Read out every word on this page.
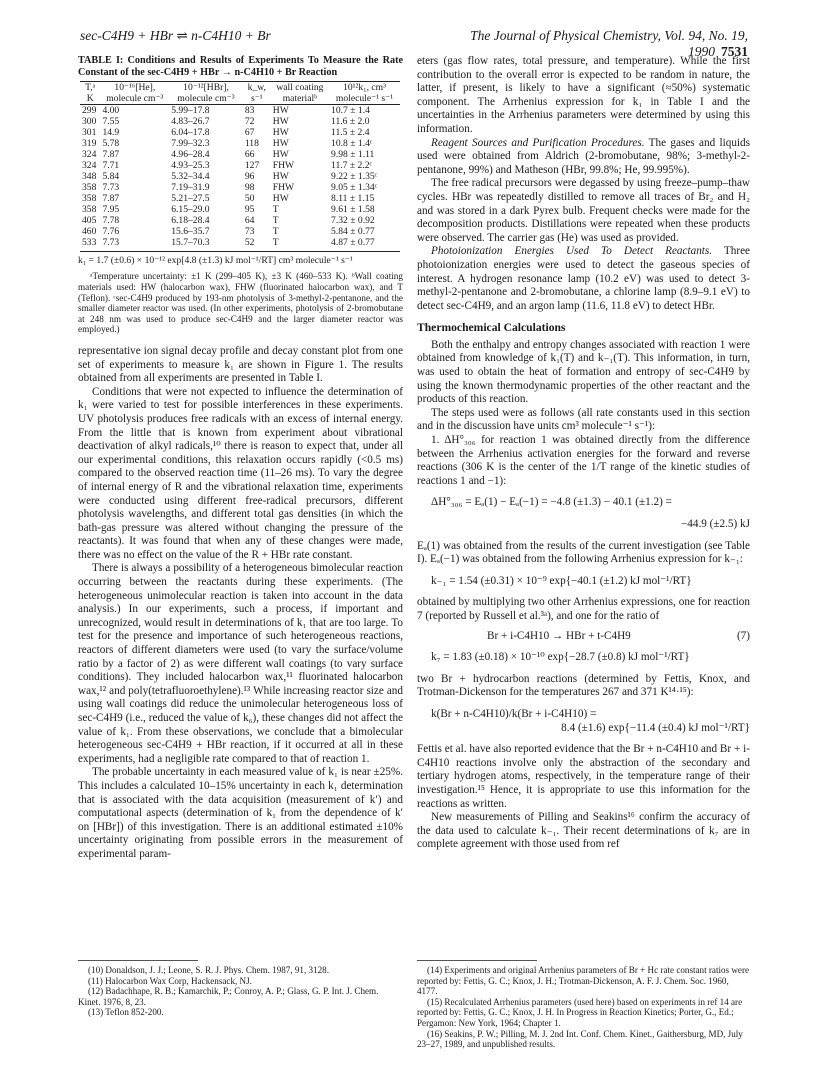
sec-C4H9 + HBr ⇌ n-C4H10 + Br	The Journal of Physical Chemistry, Vol. 94, No. 19, 1990 7531
TABLE I: Conditions and Results of Experiments To Measure the Rate Constant of the sec-C4H9 + HBr → n-C4H10 + Br Reaction
T,ᵃ K	10⁻¹⁶[He], molecule cm⁻³	10⁻¹²[HBr], molecule cm⁻³	k_w, s⁻¹	wall coating materialᵇ	10¹²k₁, cm³ molecule⁻¹ s⁻¹
299	4.00	5.99–17.8	83	HW	10.7 ± 1.4
300	7.55	4.83–26.7	72	HW	11.6 ± 2.0
301	14.9	6.04–17.8	67	HW	11.5 ± 2.4
319	5.78	7.99–32.3	118	HW	10.8 ± 1.4ᶜ
324	7.87	4.96–28.4	66	HW	9.98 ± 1.11
324	7.71	4.93–25.3	127	FHW	11.7 ± 2.2ᶜ
348	5.84	5.32–34.4	96	HW	9.22 ± 1.35ᶜ
358	7.73	7.19–31.9	98	FHW	9.05 ± 1.34ᶜ
358	7.87	5.21–27.5	50	HW	8.11 ± 1.15
358	7.95	6.15–29.0	95	T	9.61 ± 1.58
405	7.78	6.18–28.4	64	T	7.32 ± 0.92
460	7.76	15.6–35.7	73	T	5.84 ± 0.77
533	7.73	15.7–70.3	52	T	4.87 ± 0.77
k₁ = 1.7 (±0.6) × 10⁻¹² exp[4.8 (±1.3) kJ mol⁻¹/RT] cm³ molecule⁻¹ s⁻¹

ᵃTemperature uncertainty: ±1 K (299–405 K), ±3 K (460–533 K). ᵇWall coating materials used: HW (halocarbon wax), FHW (fluorinated halocarbon wax), and T (Teflon). ᶜsec-C4H9 produced by 193-nm photolysis of 3-methyl-2-pentanone, and the smaller diameter reactor was used. (In other experiments, photolysis of 2-bromobutane at 248 nm was used to produce sec-C4H9 and the larger diameter reactor was employed.)

representative ion signal decay profile and decay constant plot from one set of experiments to measure k₁ are shown in Figure 1. The results obtained from all experiments are presented in Table I.

Conditions that were not expected to influence the determination of k₁ were varied to test for possible interferences in these experiments. UV photolysis produces free radicals with an excess of internal energy. From the little that is known from experiment about vibrational deactivation of alkyl radicals,¹⁰ there is reason to expect that, under all our experimental conditions, this relaxation occurs rapidly (<0.5 ms) compared to the observed reaction time (11–26 ms). To vary the degree of internal energy of R and the vibrational relaxation time, experiments were conducted using different free-radical precursors, different photolysis wavelengths, and different total gas densities (in which the bath-gas pressure was altered without changing the pressure of the reactants). It was found that when any of these changes were made, there was no effect on the value of the R + HBr rate constant.

There is always a possibility of a heterogeneous bimolecular reaction occurring between the reactants during these experiments. (The heterogeneous unimolecular reaction is taken into account in the data analysis.) In our experiments, such a process, if important and unrecognized, would result in determinations of k₁ that are too large. To test for the presence and importance of such heterogeneous reactions, reactors of different diameters were used (to vary the surface/volume ratio by a factor of 2) as were different wall coatings (to vary surface conditions). They included halocarbon wax,¹¹ fluorinated halocarbon wax,¹² and poly(tetrafluoroethylene).¹³ While increasing reactor size and using wall coatings did reduce the unimolecular heterogeneous loss of sec-C4H9 (i.e., reduced the value of k₆), these changes did not affect the value of k₁. From these observations, we conclude that a bimolecular heterogeneous sec-C4H9 + HBr reaction, if it occurred at all in these experiments, had a negligible rate compared to that of reaction 1.

The probable uncertainty in each measured value of k₁ is near ±25%. This includes a calculated 10–15% uncertainty in each k₁ determination that is associated with the data acquisition (measurement of k′) and computational aspects (determination of k₁ from the dependence of k′ on [HBr]) of this investigation. There is an additional estimated ±10% uncertainty originating from possible errors in the measurement of experimental param-

(10) Donaldson, J. J.; Leone, S. R. J. Phys. Chem. 1987, 91, 3128.
(11) Halocarbon Wax Corp, Hackensack, NJ.
(12) Badachhape, R. B.; Kamarchik, P.; Conroy, A. P.; Glass, G. P. Int. J. Chem. Kinet. 1976, 8, 23.
(13) Teflon 852-200.

eters (gas flow rates, total pressure, and temperature). While the first contribution to the overall error is expected to be random in nature, the latter, if present, is likely to have a significant (≈50%) systematic component. The Arrhenius expression for k₁ in Table I and the uncertainties in the Arrhenius parameters were determined by using this information.

Reagent Sources and Purification Procedures. The gases and liquids used were obtained from Aldrich (2-bromobutane, 98%; 3-methyl-2-pentanone, 99%) and Matheson (HBr, 99.8%; He, 99.995%).

The free radical precursors were degassed by using freeze–pump–thaw cycles. HBr was repeatedly distilled to remove all traces of Br₂ and H₂ and was stored in a dark Pyrex bulb. Frequent checks were made for the decomposition products. Distillations were repeated when these products were observed. The carrier gas (He) was used as provided.

Photoionization Energies Used To Detect Reactants. Three photoionization energies were used to detect the gaseous species of interest. A hydrogen resonance lamp (10.2 eV) was used to detect 3-methyl-2-pentanone and 2-bromobutane, a chlorine lamp (8.9–9.1 eV) to detect sec-C4H9, and an argon lamp (11.6, 11.8 eV) to detect HBr.

Thermochemical Calculations

Both the enthalpy and entropy changes associated with reaction 1 were obtained from knowledge of k₁(T) and k₋₁(T). This information, in turn, was used to obtain the heat of formation and entropy of sec-C4H9 by using the known thermodynamic properties of the other reactant and the products of this reaction.

The steps used were as follows (all rate constants used in this section and in the discussion have units cm³ molecule⁻¹ s⁻¹):

1. ΔH°₃₀₆ for reaction 1 was obtained directly from the difference between the Arrhenius activation energies for the forward and reverse reactions (306 K is the center of the 1/T range of the kinetic studies of reactions 1 and −1):

ΔH°₃₀₆ = Eₐ(1) − Eₐ(−1) = −4.8 (±1.3) − 40.1 (±1.2) =
−44.9 (±2.5) kJ

Eₐ(1) was obtained from the results of the current investigation (see Table I). Eₐ(−1) was obtained from the following Arrhenius expression for k₋₁:

k₋₁ = 1.54 (±0.31) × 10⁻⁹ exp{−40.1 (±1.2) kJ mol⁻¹/RT}

obtained by multiplying two other Arrhenius expressions, one for reaction 7 (reported by Russell et al.³ᵃ), and one for the ratio of

Br + i-C4H10 → HBr + t-C4H9	(7)
k₇ = 1.83 (±0.18) × 10⁻¹⁰ exp{−28.7 (±0.8) kJ mol⁻¹/RT}

two Br + hydrocarbon reactions (determined by Fettis, Knox, and Trotman-Dickenson for the temperatures 267 and 371 K¹⁴·¹⁵):

k(Br + n-C4H10)/k(Br + i-C4H10) =
8.4 (±1.6) exp{−11.4 (±0.4) kJ mol⁻¹/RT}

Fettis et al. have also reported evidence that the Br + n-C4H10 and Br + i-C4H10 reactions involve only the abstraction of the secondary and tertiary hydrogen atoms, respectively, in the temperature range of their investigation.¹⁵ Hence, it is appropriate to use this information for the reactions as written.

New measurements of Pilling and Seakins¹⁶ confirm the accuracy of the data used to calculate k₋₁. Their recent determinations of k₇ are in complete agreement with those used from ref

(14) Experiments and original Arrhenius parameters of Br + Hc rate constant ratios were reported by: Fettis, G. C.; Knox, J. H.; Trotman-Dickenson, A. F. J. Chem. Soc. 1960, 4177.
(15) Recalculated Arrhenius parameters (used here) based on experiments in ref 14 are reported by: Fettis, G. C.; Knox, J. H. In Progress in Reaction Kinetics; Porter, G., Ed.; Pergamon: New York, 1964; Chapter 1.
(16) Seakins, P. W.; Pilling, M. J. 2nd Int. Conf. Chem. Kinet., Gaithersburg, MD, July 23–27, 1989, and unpublished results.
